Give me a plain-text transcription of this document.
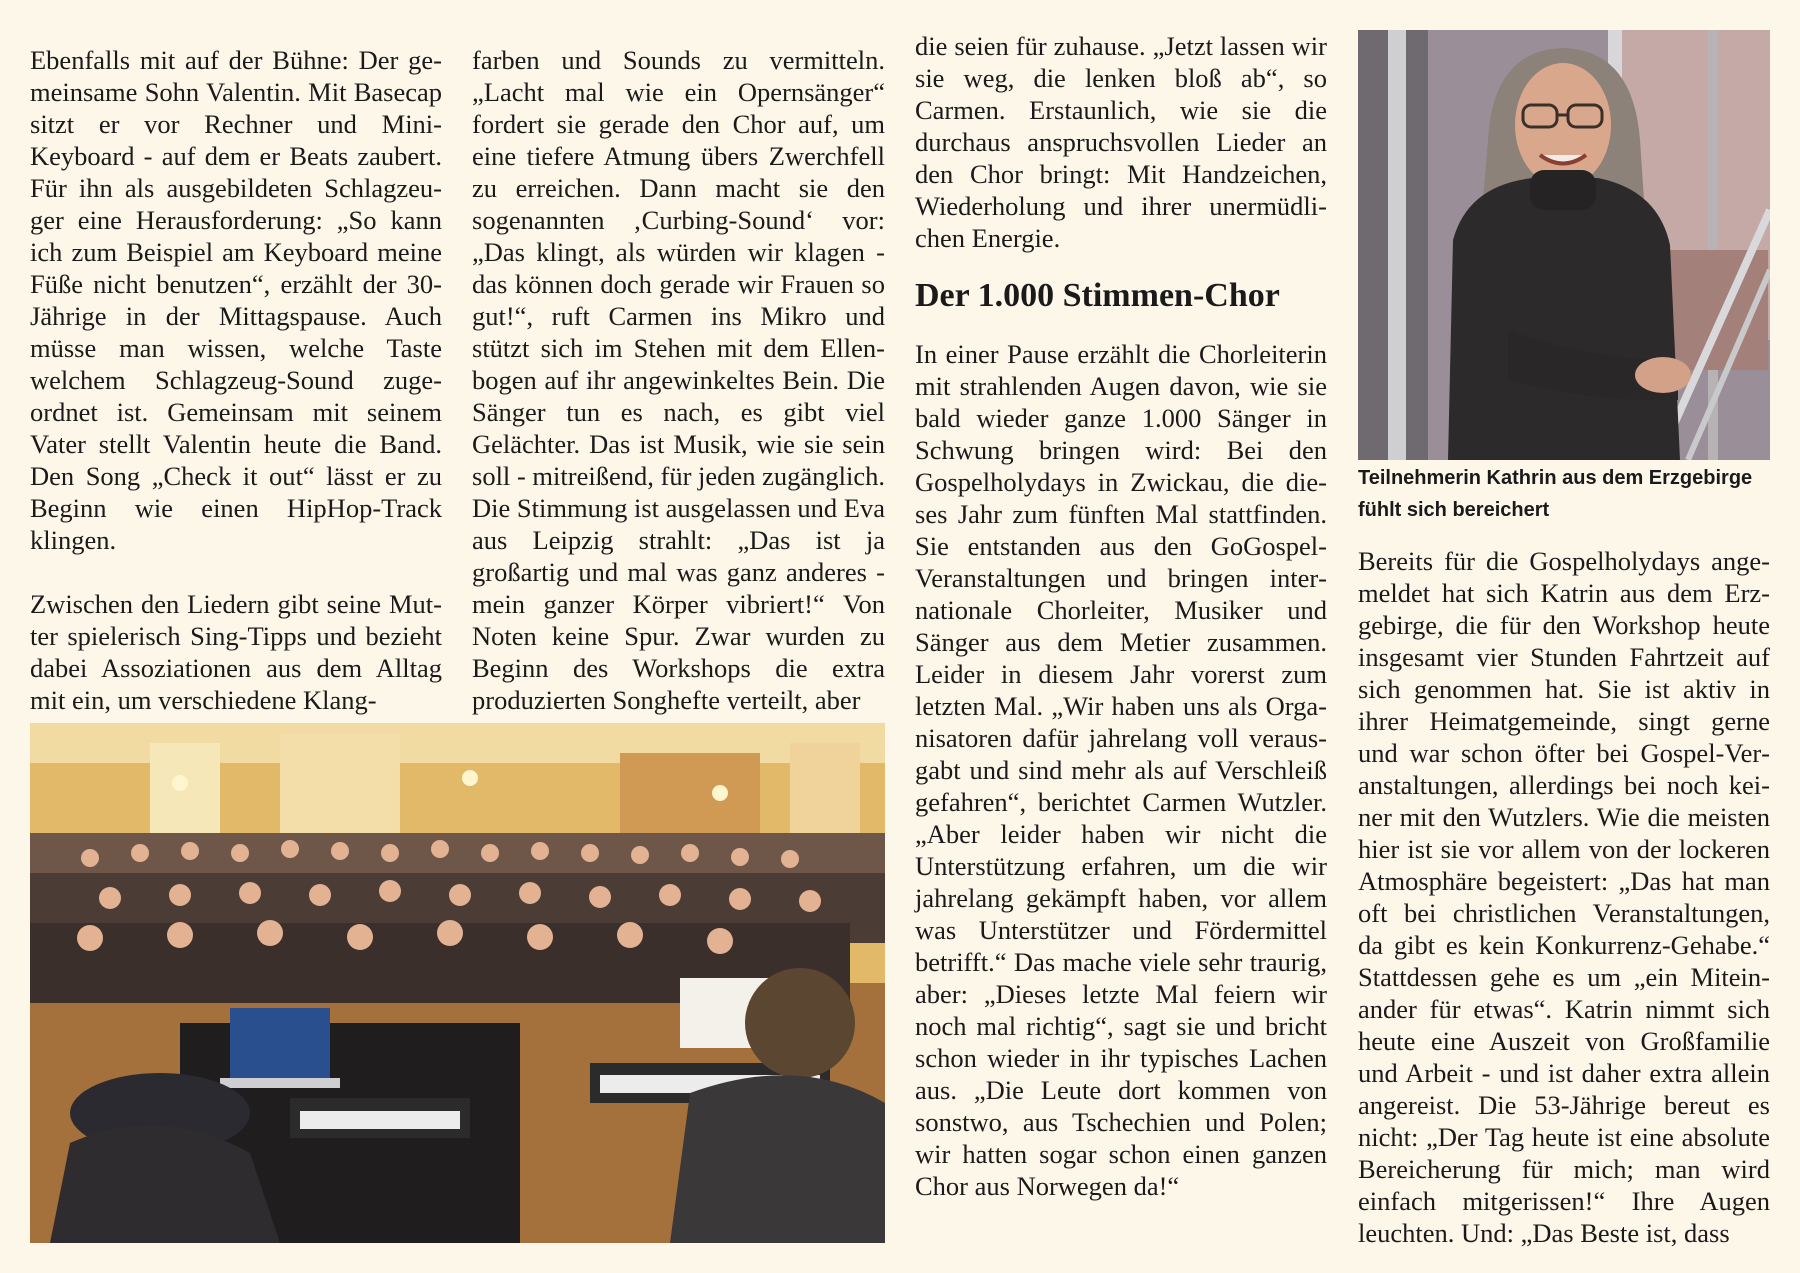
Ebenfalls mit auf der Bühne: Der gemeinsame Sohn Valentin. Mit Basecap sitzt er vor Rechner und Mini-Keyboard - auf dem er Beats zaubert. Für ihn als ausgebildeten Schlagzeuger eine Herausforderung: „So kann ich zum Beispiel am Keyboard meine Füße nicht benutzen“, erzählt der 30-Jährige in der Mittagspause. Auch müsse man wissen, welche Taste welchem Schlagzeug-Sound zugeordnet ist. Gemeinsam mit seinem Vater stellt Valentin heute die Band. Den Song „Check it out“ lässt er zu Beginn wie einen HipHop-Track klingen.

Zwischen den Liedern gibt seine Mutter spielerisch Sing-Tipps und bezieht dabei Assoziationen aus dem Alltag mit ein, um verschiedene Klang-

farben und Sounds zu vermitteln. „Lacht mal wie ein Opernsänger“ fordert sie gerade den Chor auf, um eine tiefere Atmung übers Zwerchfell zu erreichen. Dann macht sie den sogenannten ‚Curbing-Sound‘ vor: „Das klingt, als würden wir klagen - das können doch gerade wir Frauen so gut!“, ruft Carmen ins Mikro und stützt sich im Stehen mit dem Ellenbogen auf ihr angewinkeltes Bein. Die Sänger tun es nach, es gibt viel Gelächter. Das ist Musik, wie sie sein soll - mitreißend, für jeden zugänglich. Die Stimmung ist ausgelassen und Eva aus Leipzig strahlt: „Das ist ja großartig und mal was ganz anderes - mein ganzer Körper vibriert!“ Von Noten keine Spur. Zwar wurden zu Beginn des Workshops die extra produzierten Songhefte verteilt, aber

die seien für zuhause. „Jetzt lassen wir sie weg, die lenken bloß ab“, so Carmen. Erstaunlich, wie sie die durchaus anspruchsvollen Lieder an den Chor bringt: Mit Handzeichen, Wiederholung und ihrer unermüdlichen Energie.

Der 1.000 Stimmen-Chor

In einer Pause erzählt die Chorleiterin mit strahlenden Augen davon, wie sie bald wieder ganze 1.000 Sänger in Schwung bringen wird: Bei den Gospelholydays in Zwickau, die dieses Jahr zum fünften Mal stattfinden. Sie entstanden aus den GoGospel-Veranstaltungen und bringen internationale Chorleiter, Musiker und Sänger aus dem Metier zusammen. Leider in diesem Jahr vorerst zum letzten Mal. „Wir haben uns als Organisatoren dafür jahrelang voll verausgabt und sind mehr als auf Verschleiß gefahren“, berichtet Carmen Wutzler. „Aber leider haben wir nicht die Unterstützung erfahren, um die wir jahrelang gekämpft haben, vor allem was Unterstützer und Fördermittel betrifft.“ Das mache viele sehr traurig, aber: „Dieses letzte Mal feiern wir noch mal richtig“, sagt sie und bricht schon wieder in ihr typisches Lachen aus. „Die Leute dort kommen von sonstwo, aus Tschechien und Polen; wir hatten sogar schon einen ganzen Chor aus Norwegen da!“

Teilnehmerin Kathrin aus dem Erzgebirge fühlt sich bereichert

Bereits für die Gospelholydays angemeldet hat sich Katrin aus dem Erzgebirge, die für den Workshop heute insgesamt vier Stunden Fahrtzeit auf sich genommen hat. Sie ist aktiv in ihrer Heimatgemeinde, singt gerne und war schon öfter bei Gospel-Veranstaltungen, allerdings bei noch keiner mit den Wutzlers. Wie die meisten hier ist sie vor allem von der lockeren Atmosphäre begeistert: „Das hat man oft bei christlichen Veranstaltungen, da gibt es kein Konkurrenz-Gehabe.“ Stattdessen gehe es um „ein Miteinander für etwas“. Katrin nimmt sich heute eine Auszeit von Großfamilie und Arbeit - und ist daher extra allein angereist. Die 53-Jährige bereut es nicht: „Der Tag heute ist eine absolute Bereicherung für mich; man wird einfach mitgerissen!“ Ihre Augen leuchten. Und: „Das Beste ist, dass
